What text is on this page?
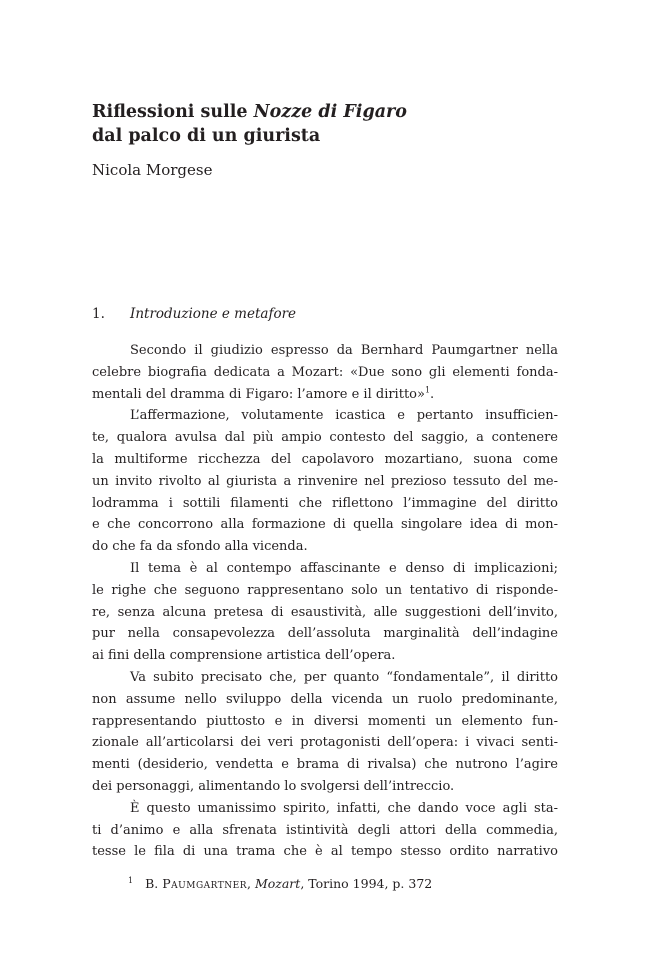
Riflessioni sulle Nozze di Figaro
dal palco di un giurista
Nicola Morgese
1. Introduzione e metafore

Secondo il giudizio espresso da Bernhard Paumgartner nella
celebre biografia dedicata a Mozart: «Due sono gli elementi fonda-
mentali del dramma di Figaro: l’amore e il diritto»$^1$.

L’affermazione, volutamente icastica e pertanto insufficien-
te, qualora avulsa dal più ampio contesto del saggio, a contenere
la multiforme ricchezza del capolavoro mozartiano, suona come
un invito rivolto al giurista a rinvenire nel prezioso tessuto del me-
lodramma i sottili filamenti che riflettono l’immagine del diritto
e che concorrono alla formazione di quella singolare idea di mon-
do che fa da sfondo alla vicenda.

Il tema è al contempo affascinante e denso di implicazioni;
le righe che seguono rappresentano solo un tentativo di risponde-
re, senza alcuna pretesa di esaustività, alle suggestioni dell’invito,
pur nella consapevolezza dell’assoluta marginalità dell’indagine
ai fini della comprensione artistica dell’opera.

Va subito precisato che, per quanto “fondamentale”, il diritto
non assume nello sviluppo della vicenda un ruolo predominante,
rappresentando piuttosto e in diversi momenti un elemento fun-
zionale all’articolarsi dei veri protagonisti dell’opera: i vivaci senti-
menti (desiderio, vendetta e brama di rivalsa) che nutrono l’agire
dei personaggi, alimentando lo svolgersi dell’intreccio.

È questo umanissimo spirito, infatti, che dando voce agli sta-
ti d’animo e alla sfrenata istintività degli attori della commedia,
tesse le fila di una trama che è al tempo stesso ordito narrativo

$^1$ B. Paumgartner, Mozart, Torino 1994, p. 372
